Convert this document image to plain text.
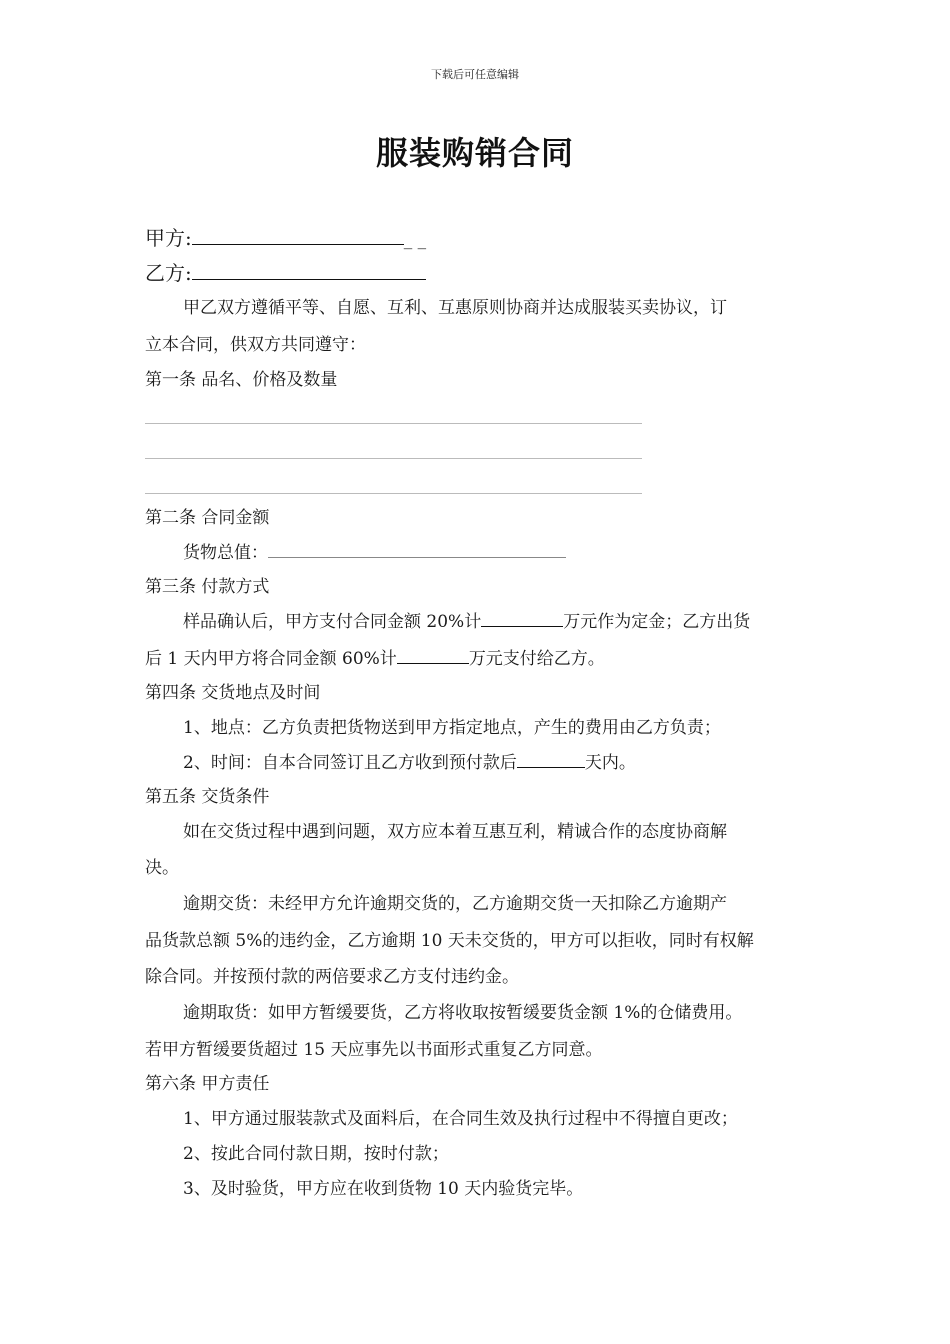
下载后可任意编辑
服装购销合同
甲方:	_ _
乙方:
甲乙双方遵循平等、自愿、互利、互惠原则协商并达成服装买卖协议，订
立本合同，供双方共同遵守：
第一条 品名、价格及数量
第二条 合同金额
货物总值：
第三条 付款方式
样品确认后，甲方支付合同金额 20%计	万元作为定金；乙方出货
后 1 天内甲方将合同金额 60%计	万元支付给乙方。
第四条 交货地点及时间
1、地点：乙方负责把货物送到甲方指定地点，产生的费用由乙方负责；
2、时间：自本合同签订且乙方收到预付款后	天内。
第五条 交货条件
如在交货过程中遇到问题，双方应本着互惠互利，精诚合作的态度协商解
决。
逾期交货：未经甲方允许逾期交货的，乙方逾期交货一天扣除乙方逾期产
品货款总额 5%的违约金，乙方逾期 10 天未交货的，甲方可以拒收，同时有权解
除合同。并按预付款的两倍要求乙方支付违约金。
逾期取货：如甲方暂缓要货，乙方将收取按暂缓要货金额 1%的仓储费用。
若甲方暂缓要货超过 15 天应事先以书面形式重复乙方同意。
第六条 甲方责任
1、甲方通过服装款式及面料后，在合同生效及执行过程中不得擅自更改；
2、按此合同付款日期，按时付款；
3、及时验货，甲方应在收到货物 10 天内验货完毕。
